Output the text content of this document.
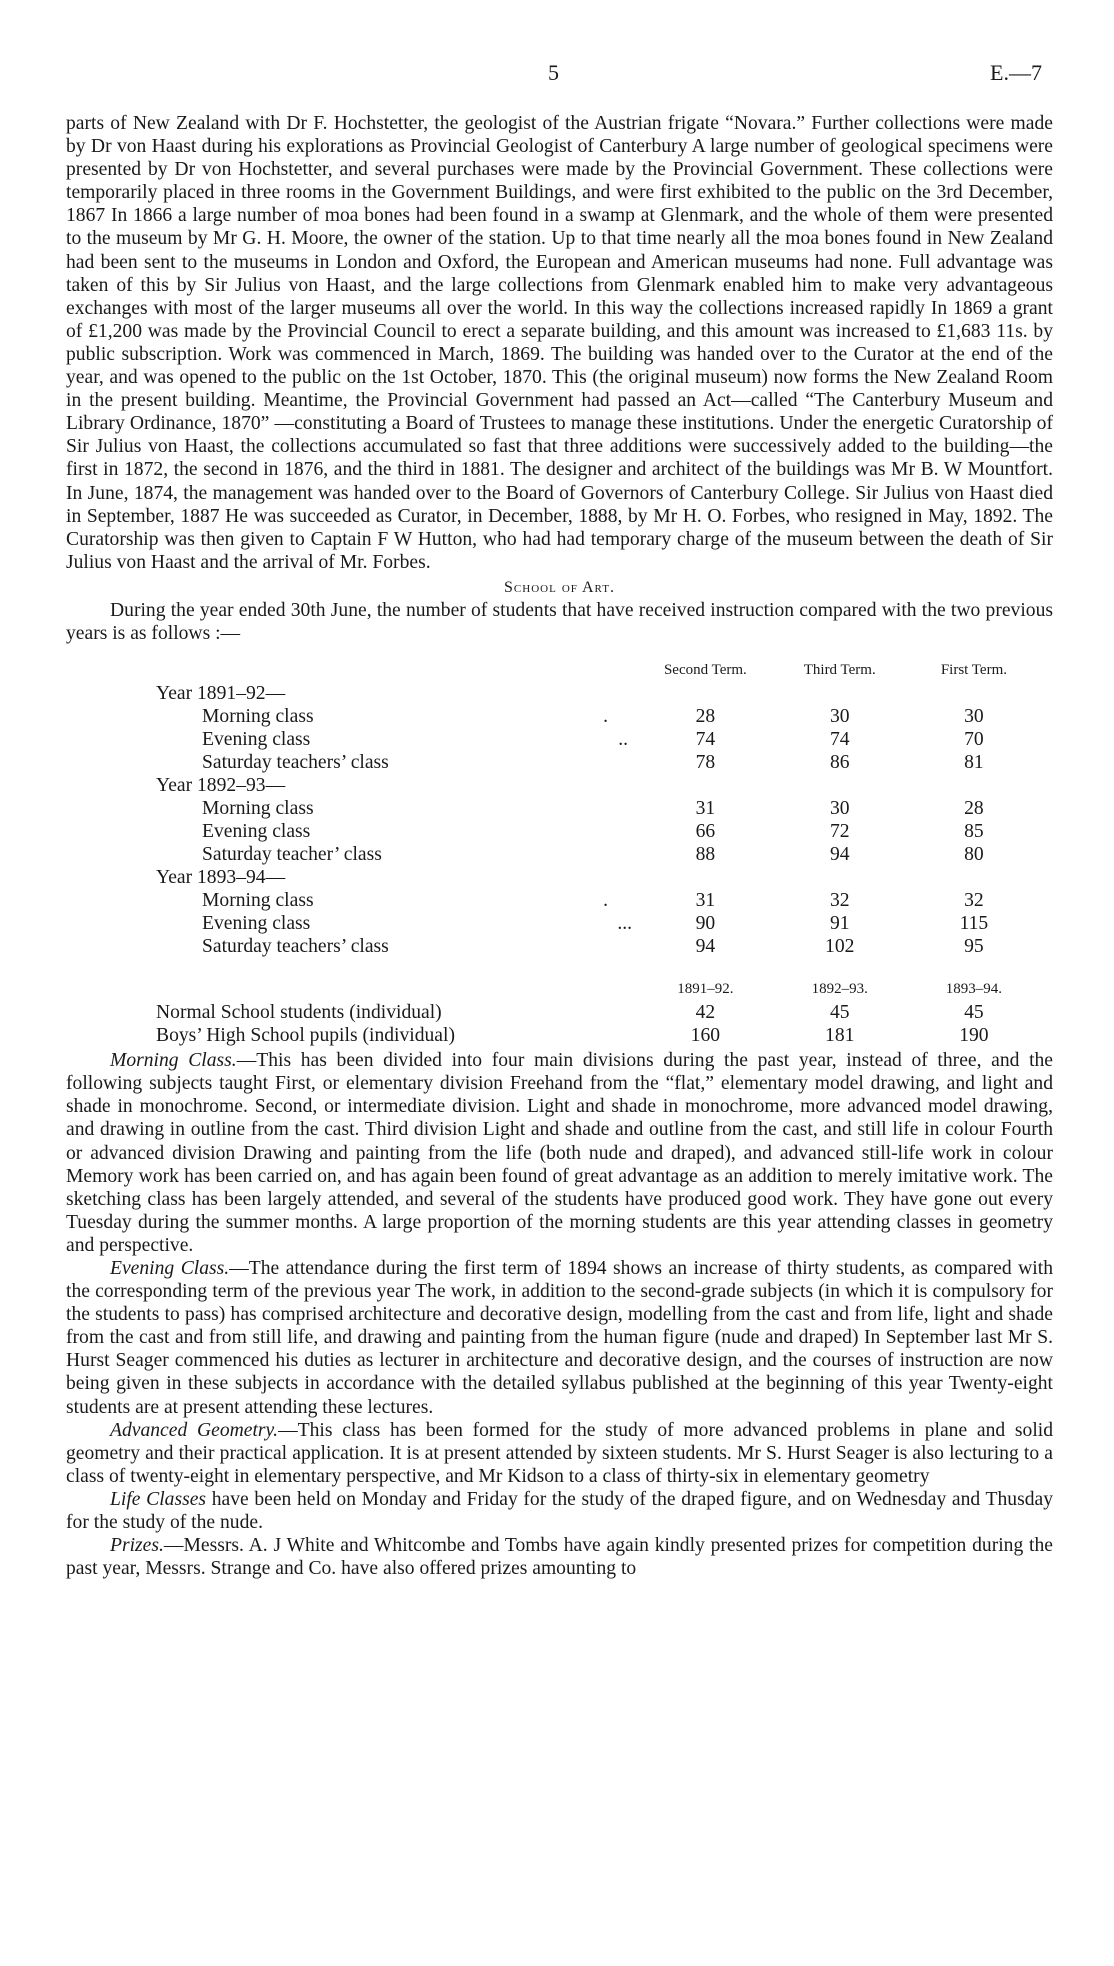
5	E.—7

parts of New Zealand with Dr F. Hochstetter, the geologist of the Austrian frigate “Novara.” Further collections were made by Dr von Haast during his explorations as Provincial Geologist of Canterbury A large number of geological specimens were presented by Dr von Hochstetter, and several purchases were made by the Provincial Government. These collections were temporarily placed in three rooms in the Government Buildings, and were first exhibited to the public on the 3rd December, 1867 In 1866 a large number of moa bones had been found in a swamp at Glenmark, and the whole of them were presented to the museum by Mr G. H. Moore, the owner of the station. Up to that time nearly all the moa bones found in New Zealand had been sent to the museums in London and Oxford, the European and American museums had none. Full advantage was taken of this by Sir Julius von Haast, and the large collections from Glenmark enabled him to make very advantageous exchanges with most of the larger museums all over the world. In this way the collections increased rapidly In 1869 a grant of £1,200 was made by the Provincial Council to erect a separate building, and this amount was increased to £1,683 11s. by public subscription. Work was commenced in March, 1869. The building was handed over to the Curator at the end of the year, and was opened to the public on the 1st October, 1870. This (the original museum) now forms the New Zealand Room in the present building. Meantime, the Provincial Government had passed an Act—called “The Canterbury Museum and Library Ordinance, 1870” —constituting a Board of Trustees to manage these institutions. Under the energetic Curatorship of Sir Julius von Haast, the collections accumulated so fast that three additions were successively added to the building—the first in 1872, the second in 1876, and the third in 1881. The designer and architect of the buildings was Mr B. W Mountfort. In June, 1874, the management was handed over to the Board of Governors of Canterbury College. Sir Julius von Haast died in September, 1887 He was succeeded as Curator, in December, 1888, by Mr H. O. Forbes, who resigned in May, 1892. The Curatorship was then given to Captain F W Hutton, who had had temporary charge of the museum between the death of Sir Julius von Haast and the arrival of Mr. Forbes.

School of Art.

During the year ended 30th June, the number of students that have received instruction compared with the two previous years is as follows :—

	Second Term.	Third Term.	First Term.
Year 1891–92—			
Morning class .	28	30	30
Evening class ..	74	74	70
Saturday teachers’ class	78	86	81
Year 1892–93—			
Morning class	31	30	28
Evening class	66	72	85
Saturday teacher’ class	88	94	80
Year 1893–94—			
Morning class .	31	32	32
Evening class ...	90	91	115
Saturday teachers’ class	94	102	95

	1891–92.	1892–93.	1893–94.
Normal School students (individual)	42	45	45
Boys’ High School pupils (individual)	160	181	190

Morning Class.—This has been divided into four main divisions during the past year, instead of three, and the following subjects taught First, or elementary division Freehand from the “flat,” elementary model drawing, and light and shade in monochrome. Second, or intermediate division. Light and shade in monochrome, more advanced model drawing, and drawing in outline from the cast. Third division Light and shade and outline from the cast, and still life in colour Fourth or advanced division Drawing and painting from the life (both nude and draped), and advanced still-life work in colour Memory work has been carried on, and has again been found of great advantage as an addition to merely imitative work. The sketching class has been largely attended, and several of the students have produced good work. They have gone out every Tuesday during the summer months. A large proportion of the morning students are this year attending classes in geometry and perspective.

Evening Class.—The attendance during the first term of 1894 shows an increase of thirty students, as compared with the corresponding term of the previous year The work, in addition to the second-grade subjects (in which it is compulsory for the students to pass) has comprised architecture and decorative design, modelling from the cast and from life, light and shade from the cast and from still life, and drawing and painting from the human figure (nude and draped) In September last Mr S. Hurst Seager commenced his duties as lecturer in architecture and decorative design, and the courses of instruction are now being given in these subjects in accordance with the detailed syllabus published at the beginning of this year Twenty-eight students are at present attending these lectures.

Advanced Geometry.—This class has been formed for the study of more advanced problems in plane and solid geometry and their practical application. It is at present attended by sixteen students. Mr S. Hurst Seager is also lecturing to a class of twenty-eight in elementary perspective, and Mr Kidson to a class of thirty-six in elementary geometry

Life Classes have been held on Monday and Friday for the study of the draped figure, and on Wednesday and Thusday for the study of the nude.

Prizes.—Messrs. A. J White and Whitcombe and Tombs have again kindly presented prizes for competition during the past year, Messrs. Strange and Co. have also offered prizes amounting to
